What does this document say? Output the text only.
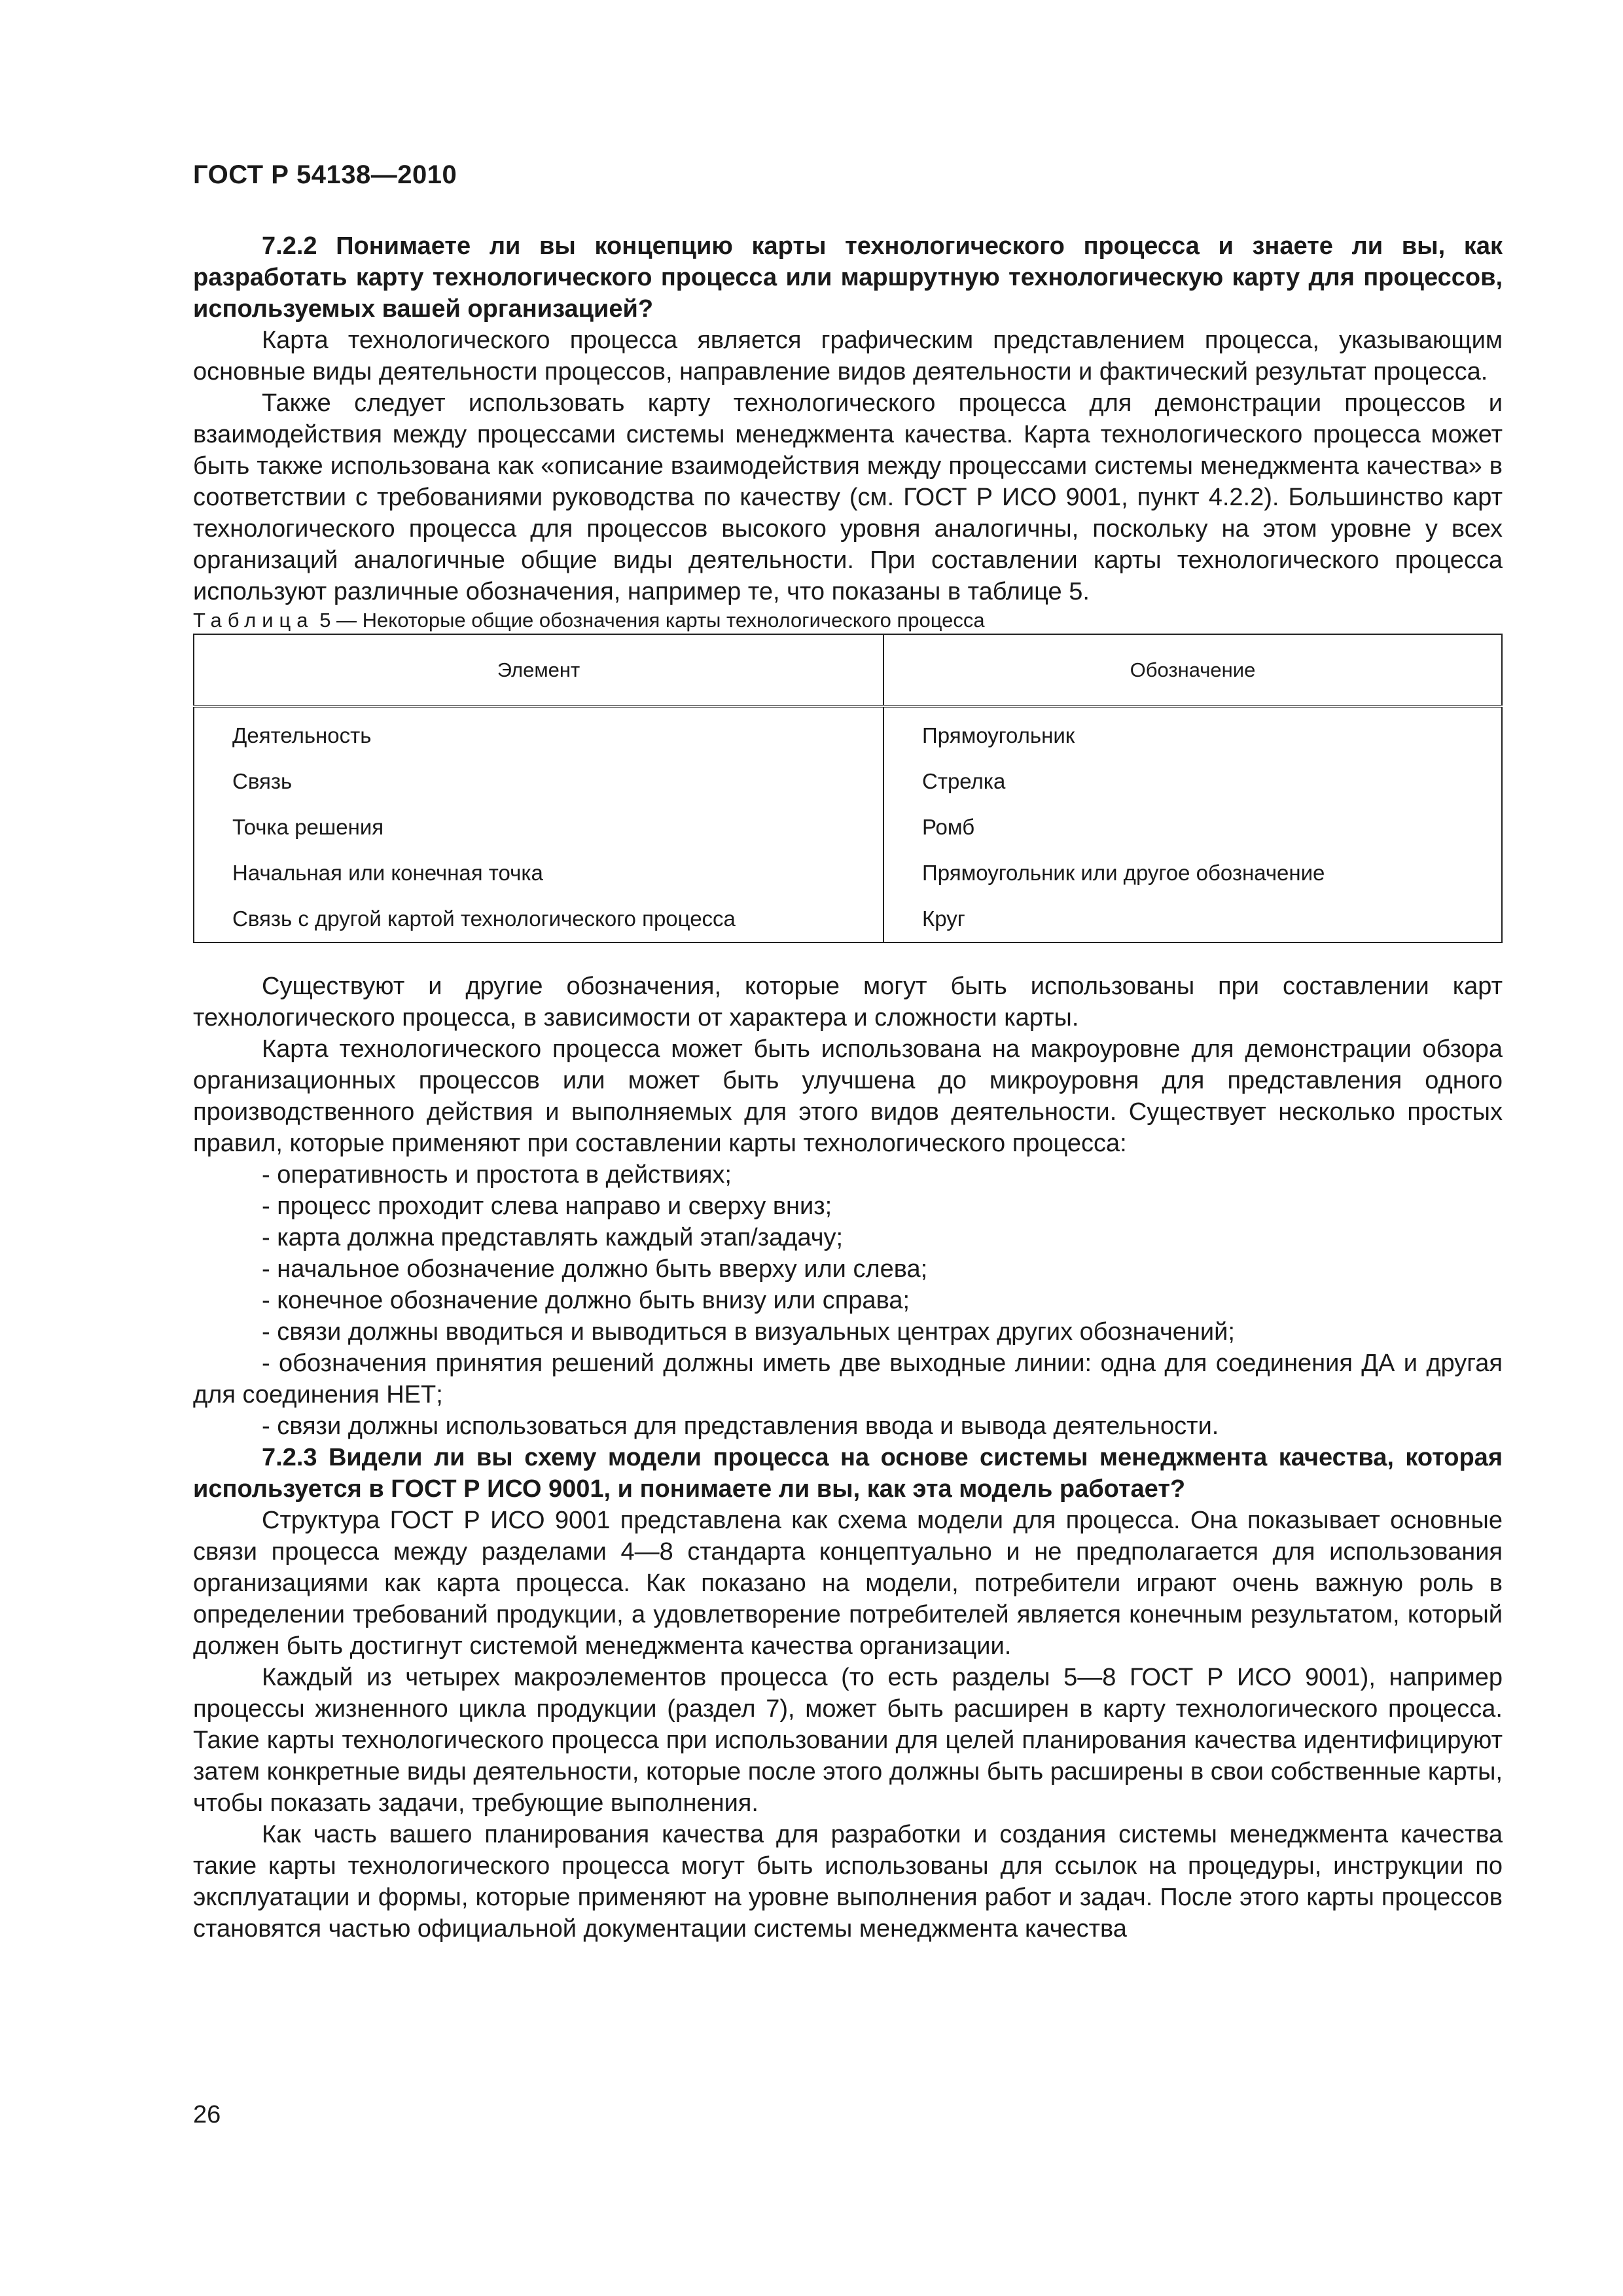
ГОСТ Р 54138—2010

7.2.2 Понимаете ли вы концепцию карты технологического процесса и знаете ли вы, как разработать карту технологического процесса или маршрутную технологическую карту для процессов, используемых вашей организацией?

Карта технологического процесса является графическим представлением процесса, указывающим основные виды деятельности процессов, направление видов деятельности и фактический результат процесса.

Также следует использовать карту технологического процесса для демонстрации процессов и взаимодействия между процессами системы менеджмента качества. Карта технологического процесса может быть также использована как «описание взаимодействия между процессами системы менеджмента качества» в соответствии с требованиями руководства по качеству (см. ГОСТ Р ИСО 9001, пункт 4.2.2). Большинство карт технологического процесса для процессов высокого уровня аналогичны, поскольку на этом уровне у всех организаций аналогичные общие виды деятельности. При составлении карты технологического процесса используют различные обозначения, например те, что показаны в таблице 5.

Таблица 5 — Некоторые общие обозначения карты технологического процесса

Элемент	Обозначение
Деятельность	Прямоугольник
Связь	Стрелка
Точка решения	Ромб
Начальная или конечная точка	Прямоугольник или другое обозначение
Связь с другой картой технологического процесса	Круг

Существуют и другие обозначения, которые могут быть использованы при составлении карт технологического процесса, в зависимости от характера и сложности карты.

Карта технологического процесса может быть использована на макроуровне для демонстрации обзора организационных процессов или может быть улучшена до микроуровня для представления одного производственного действия и выполняемых для этого видов деятельности. Существует несколько простых правил, которые применяют при составлении карты технологического процесса:

- оперативность и простота в действиях;
- процесс проходит слева направо и сверху вниз;
- карта должна представлять каждый этап/задачу;
- начальное обозначение должно быть вверху или слева;
- конечное обозначение должно быть внизу или справа;
- связи должны вводиться и выводиться в визуальных центрах других обозначений;
- обозначения принятия решений должны иметь две выходные линии: одна для соединения ДА и другая для соединения НЕТ;
- связи должны использоваться для представления ввода и вывода деятельности.

7.2.3 Видели ли вы схему модели процесса на основе системы менеджмента качества, которая используется в ГОСТ Р ИСО 9001, и понимаете ли вы, как эта модель работает?

Структура ГОСТ Р ИСО 9001 представлена как схема модели для процесса. Она показывает основные связи процесса между разделами 4—8 стандарта концептуально и не предполагается для использования организациями как карта процесса. Как показано на модели, потребители играют очень важную роль в определении требований продукции, а удовлетворение потребителей является конечным результатом, который должен быть достигнут системой менеджмента качества организации.

Каждый из четырех макроэлементов процесса (то есть разделы 5—8 ГОСТ Р ИСО 9001), например процессы жизненного цикла продукции (раздел 7), может быть расширен в карту технологического процесса. Такие карты технологического процесса при использовании для целей планирования качества идентифицируют затем конкретные виды деятельности, которые после этого должны быть расширены в свои собственные карты, чтобы показать задачи, требующие выполнения.

Как часть вашего планирования качества для разработки и создания системы менеджмента качества такие карты технологического процесса могут быть использованы для ссылок на процедуры, инструкции по эксплуатации и формы, которые применяют на уровне выполнения работ и задач. После этого карты процессов становятся частью официальной документации системы менеджмента качества

26
